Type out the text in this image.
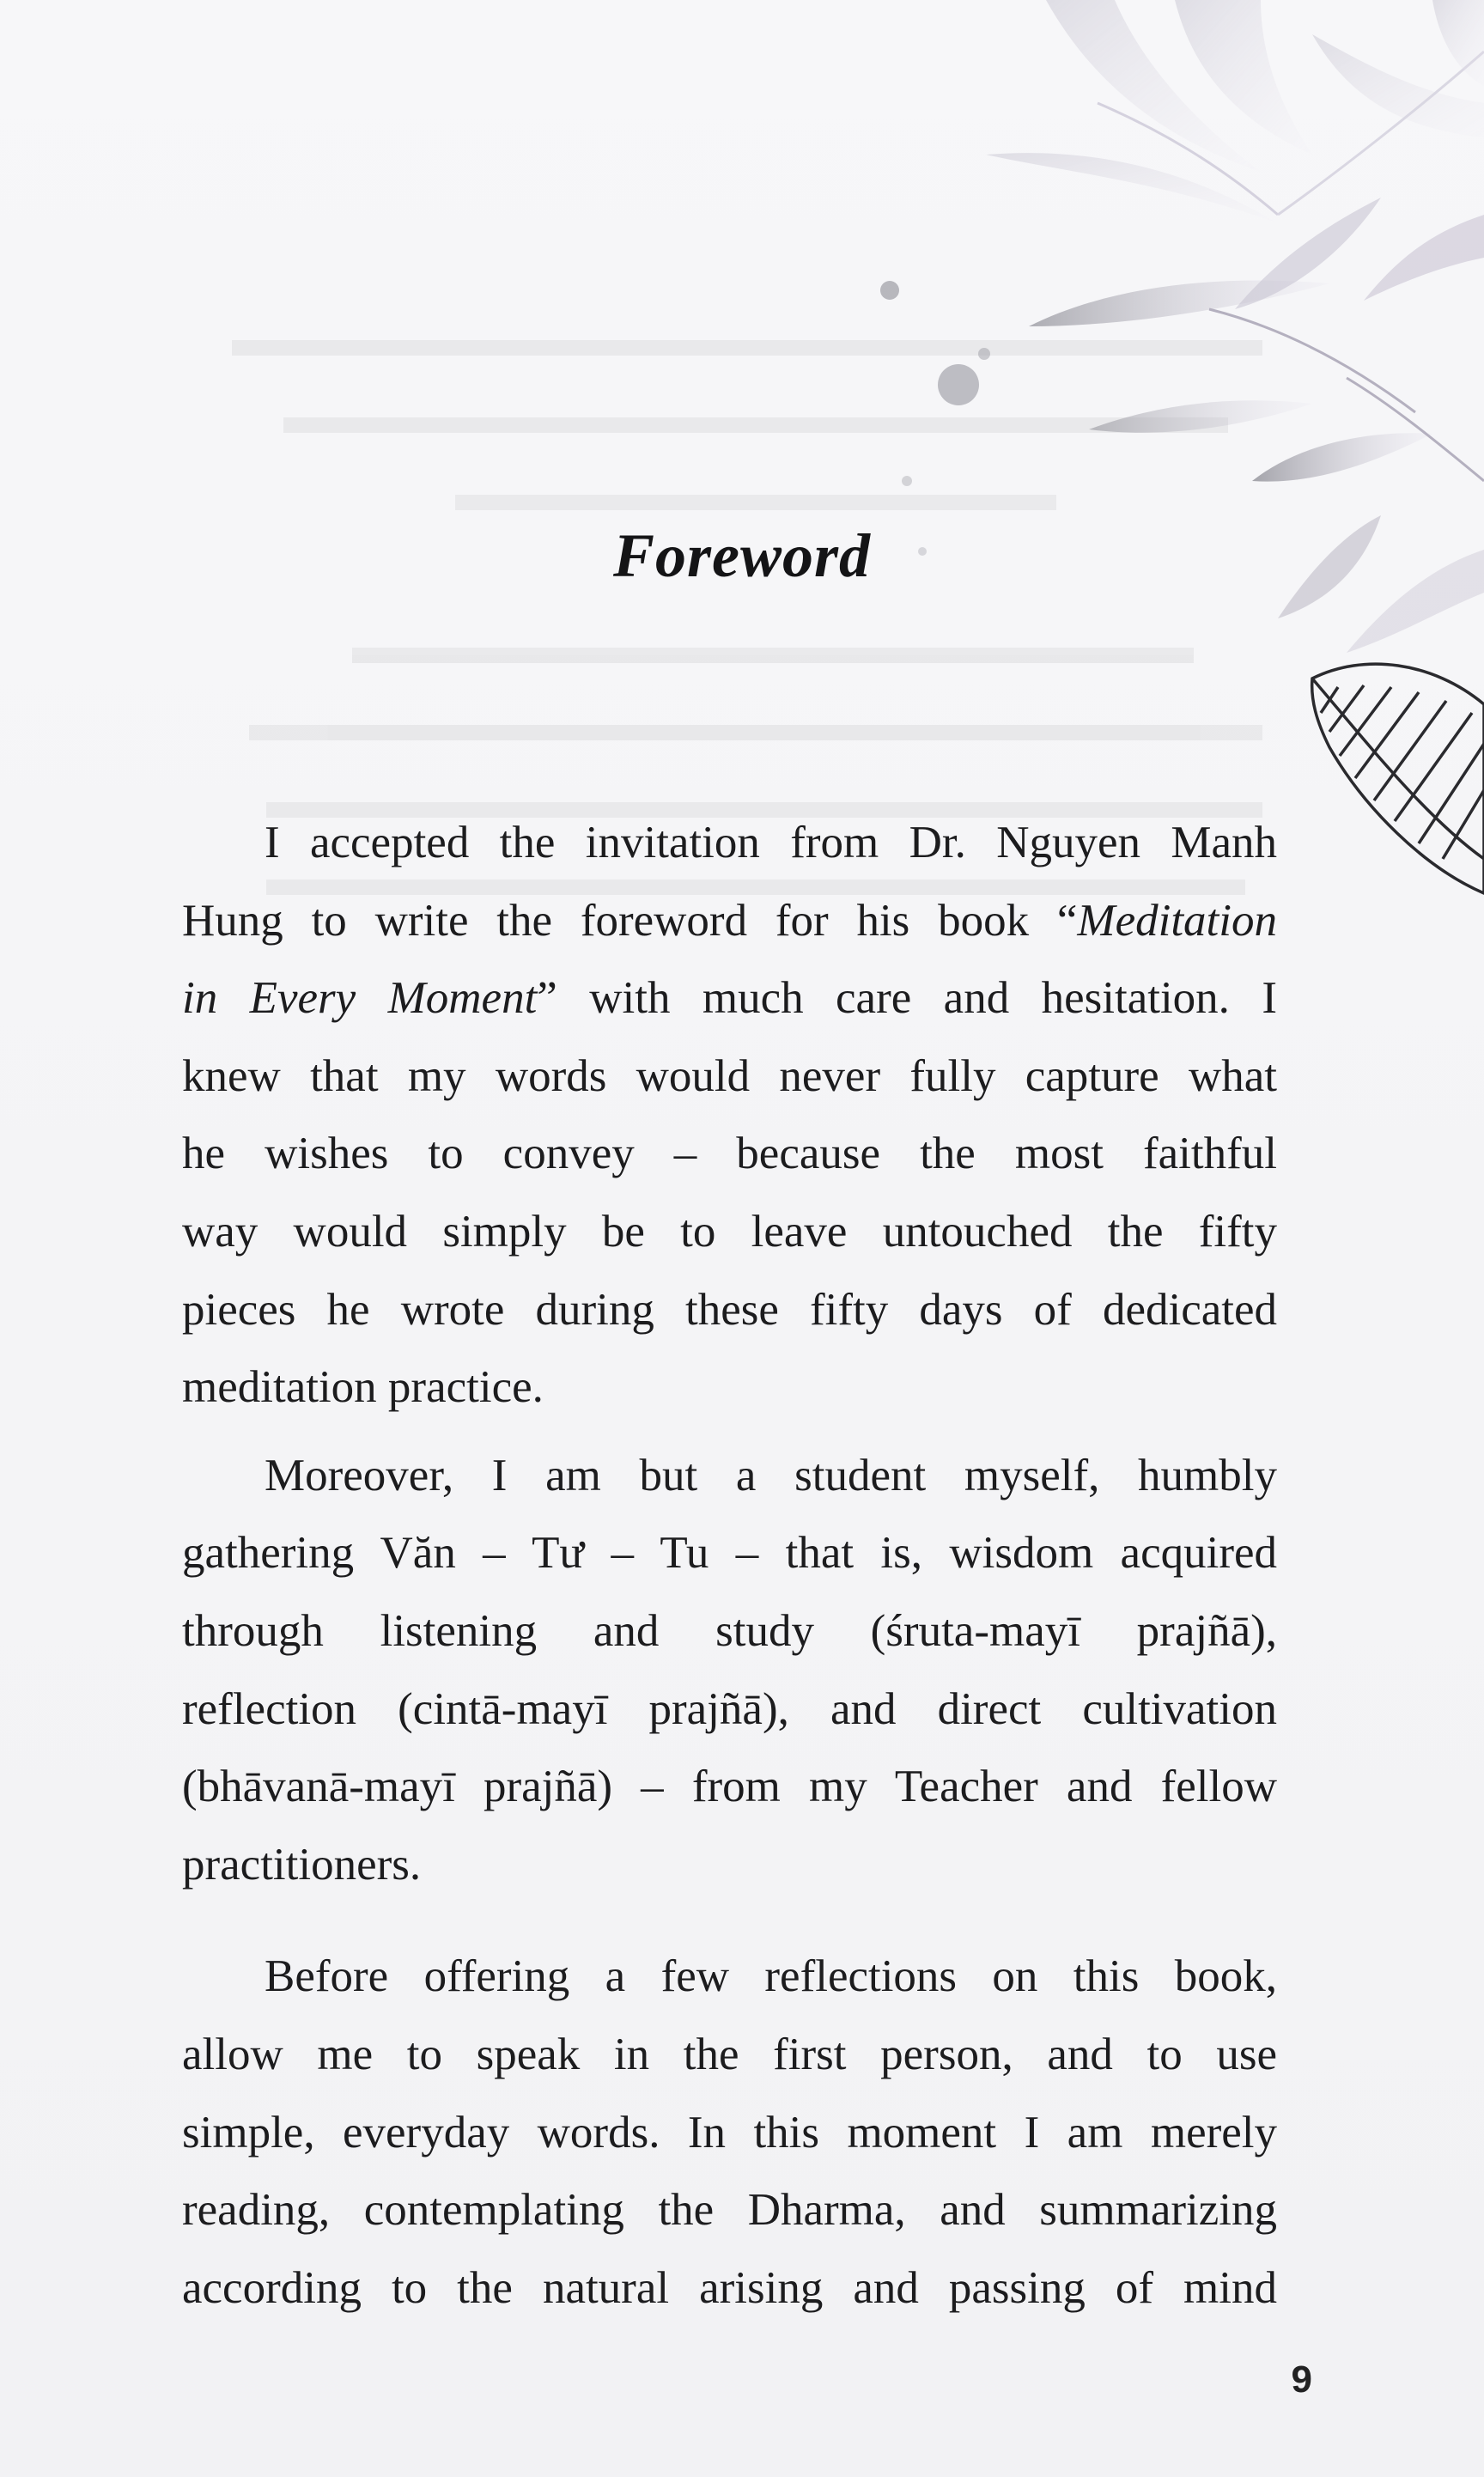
Foreword

I accepted the invitation from Dr. Nguyen Manh
Hung to write the foreword for his book “Meditation
in Every Moment” with much care and hesitation. I
knew that my words would never fully capture what
he wishes to convey – because the most faithful
way would simply be to leave untouched the fifty
pieces he wrote during these fifty days of dedicated
meditation practice.

Moreover, I am but a student myself, humbly
gathering Văn – Tư – Tu – that is, wisdom acquired
through listening and study (śruta-mayī prajñā),
reflection (cintā-mayī prajñā), and direct cultivation
(bhāvanā-mayī prajñā) – from my Teacher and fellow
practitioners.

Before offering a few reflections on this book,
allow me to speak in the first person, and to use
simple, everyday words. In this moment I am merely
reading, contemplating the Dharma, and summarizing
according to the natural arising and passing of mind

9
